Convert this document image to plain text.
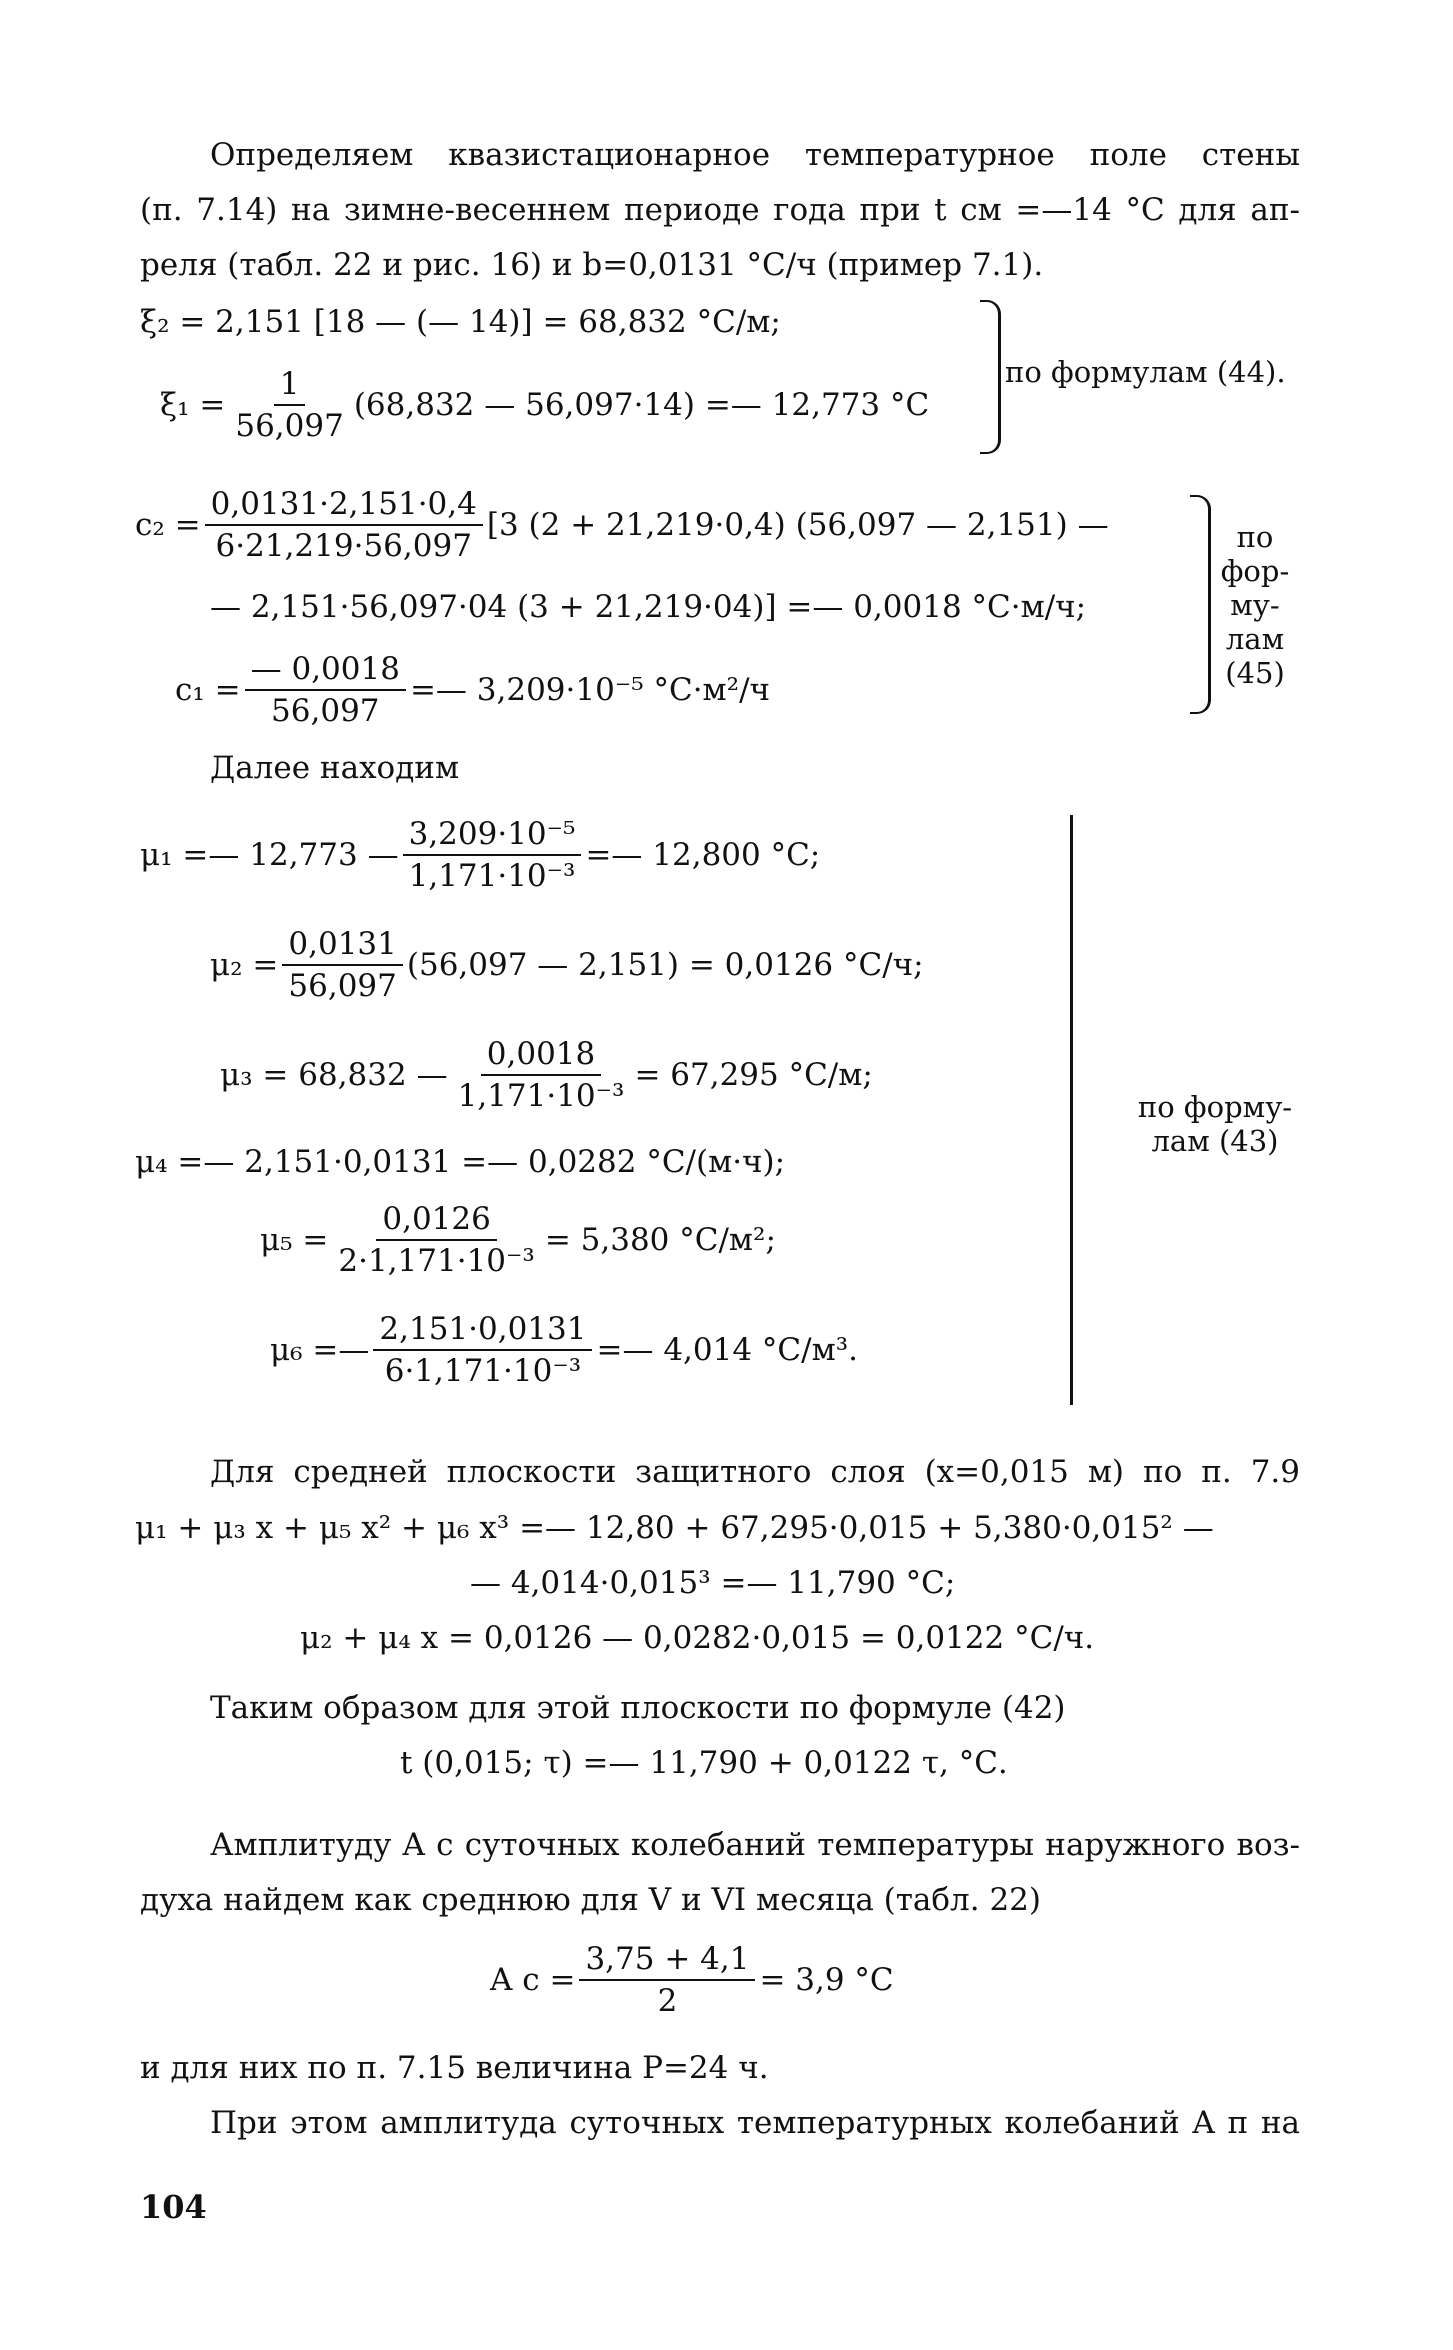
Определяем квазистационарное температурное поле стены
(п. 7.14) на зимне-весеннем периоде года при t см =—14 °С для ап-
реля (табл. 22 и рис. 16) и b=0,0131 °С/ч (пример 7.1).
ξ₂ = 2,151 [18 — (— 14)] = 68,832 °С/м;
$\xi_1 = \frac{1}{56,097} (68,832$ — 56,097·14) =— 12,773 °С
по формулам (44).
$c_2 = \frac{0,0131\cdot 2,151\cdot 0,4}{6\cdot 21,219\cdot 56,097} [3$ (2 + 21,219·0,4) (56,097 — 2,151) —
— 2,151·56,097·04 (3 + 21,219·04)] =— 0,0018 °С·м/ч;
$c_1 = \frac{— 0,0018}{56,097}$ =— 3,209·10⁻⁵ °С·м²/ч
по
фор-
му-
лам
(45)
Далее находим
μ₁ =— 12,773 — $\frac{\text{3,209·10⁻⁵}}{\text{1,171·10⁻³}}$ =— 12,800 °С;
$\mu_2 = \frac{0,0131}{56,097} (56,097$ — 2,151) = 0,0126 °С/ч;
μ₃ = 68,832 — $\frac{0,0018}{\text{1,171·10⁻³}} = 67,295$ °С/м;
μ₄ =— 2,151·0,0131 =— 0,0282 °С/(м·ч);
$\mu_5 = \frac{0,0126}{\text{2·1,171·10⁻³}} = 5,380$ °С/м²;
μ₆ =— $\frac{2,151\cdot 0,0131}{\text{6·1,171·10⁻³}}$ =— 4,014 °С/м³.
по форму-
лам (43)
Для средней плоскости защитного слоя (x=0,015 м) по п. 7.9
μ₁ + μ₃ x + μ₅ x² + μ₆ x³ =— 12,80 + 67,295·0,015 + 5,380·0,015² —
— 4,014·0,015³ =— 11,790 °С;
μ₂ + μ₄ x = 0,0126 — 0,0282·0,015 = 0,0122 °С/ч.
Таким образом для этой плоскости по формуле (42)
t (0,015; τ) =— 11,790 + 0,0122 τ, °С.
Амплитуду A с суточных колебаний температуры наружного воз-
духа найдем как среднюю для V и VI месяца (табл. 22)
A $с = \frac{3,75 + 4,1}{2} = 3,9$ °С
и для них по п. 7.15 величина P=24 ч.
При этом амплитуда суточных температурных колебаний A п на
104
